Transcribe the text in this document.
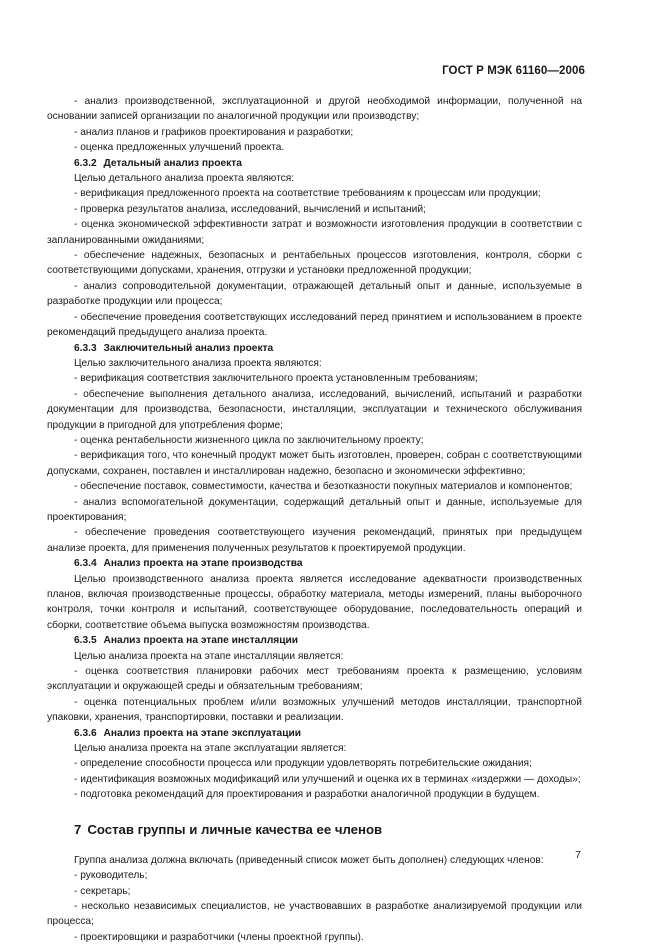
ГОСТ Р МЭК 61160—2006

- анализ производственной, эксплуатационной и другой необходимой информации, полученной на основании записей организации по аналогичной продукции или производству;

- анализ планов и графиков проектирования и разработки;

- оценка предложенных улучшений проекта.

6.3.2 Детальный анализ проекта

Целью детального анализа проекта являются:

- верификация предложенного проекта на соответствие требованиям к процессам или продукции;

- проверка результатов анализа, исследований, вычислений и испытаний;

- оценка экономической эффективности затрат и возможности изготовления продукции в соответствии с запланированными ожиданиями;

- обеспечение надежных, безопасных и рентабельных процессов изготовления, контроля, сборки с соответствующими допусками, хранения, отгрузки и установки предложенной продукции;

- анализ сопроводительной документации, отражающей детальный опыт и данные, используемые в разработке продукции или процесса;

- обеспечение проведения соответствующих исследований перед принятием и использованием в проекте рекомендаций предыдущего анализа проекта.

6.3.3 Заключительный анализ проекта

Целью заключительного анализа проекта являются:

- верификация соответствия заключительного проекта установленным требованиям;

- обеспечение выполнения детального анализа, исследований, вычислений, испытаний и разработки документации для производства, безопасности, инсталляции, эксплуатации и технического обслуживания продукции в пригодной для употребления форме;

- оценка рентабельности жизненного цикла по заключительному проекту;

- верификация того, что конечный продукт может быть изготовлен, проверен, собран с соответствующими допусками, сохранен, поставлен и инсталлирован надежно, безопасно и экономически эффективно;

- обеспечение поставок, совместимости, качества и безотказности покупных материалов и компонентов;

- анализ вспомогательной документации, содержащий детальный опыт и данные, используемые для проектирования;

- обеспечение проведения соответствующего изучения рекомендаций, принятых при предыдущем анализе проекта, для применения полученных результатов к проектируемой продукции.

6.3.4 Анализ проекта на этапе производства

Целью производственного анализа проекта является исследование адекватности производственных планов, включая производственные процессы, обработку материала, методы измерений, планы выборочного контроля, точки контроля и испытаний, соответствующее оборудование, последовательность операций и сборки, соответствие объема выпуска возможностям производства.

6.3.5 Анализ проекта на этапе инсталляции

Целью анализа проекта на этапе инсталляции является:

- оценка соответствия планировки рабочих мест требованиям проекта к размещению, условиям эксплуатации и окружающей среды и обязательным требованиям;

- оценка потенциальных проблем и/или возможных улучшений методов инсталляции, транспортной упаковки, хранения, транспортировки, поставки и реализации.

6.3.6 Анализ проекта на этапе эксплуатации

Целью анализа проекта на этапе эксплуатации является:

- определение способности процесса или продукции удовлетворять потребительские ожидания;

- идентификация возможных модификаций или улучшений и оценка их в терминах «издержки — доходы»;

- подготовка рекомендаций для проектирования и разработки аналогичной продукции в будущем.

7 Состав группы и личные качества ее членов

Группа анализа должна включать (приведенный список может быть дополнен) следующих членов:

- руководитель;

- секретарь;

- несколько независимых специалистов, не участвовавших в разработке анализируемой продукции или процесса;

- проектировщики и разработчики (члены проектной группы).

7
